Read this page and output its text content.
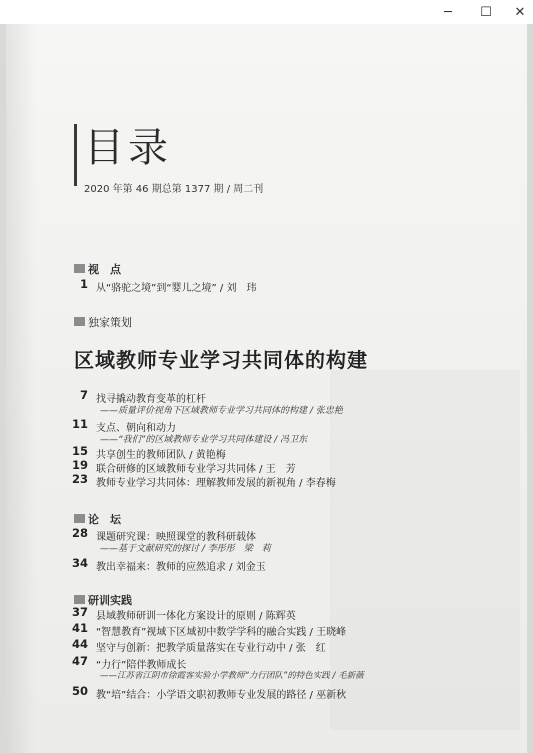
─	☐ ✕
目录
2020 年第 46 期总第 1377 期 / 周二刊
视　点
1 从“骆驼之境”到“婴儿之境” / 刘　玮
独家策划
区域教师专业学习共同体的构建
7 找寻撬动教育变革的杠杆
——质量评价视角下区域教师专业学习共同体的构建 / 张忠艳
11 支点、朝向和动力
——“我们”的区域教师专业学习共同体建设 / 冯卫东
15 共享创生的教师团队 / 黄艳梅
19 联合研修的区域教师专业学习共同体 / 王　芳
23 教师专业学习共同体：理解教师发展的新视角 / 李春梅
论　坛
28 课题研究课：映照课堂的教科研载体
——基于文献研究的探讨 / 李彤彤　梁　莉
34 教出幸福来：教师的应然追求 / 刘金玉
研训实践
37 县域教师研训一体化方案设计的原则 / 陈辉英
41 “智慧教育”视域下区域初中数学学科的融合实践 / 王晓峰
44 坚守与创新：把教学质量落实在专业行动中 / 张　红
47 “力行”陪伴教师成长
——江苏省江阴市徐霞客实验小学教师“力行团队”的特色实践 / 毛新薇
50 教“培”结合：小学语文职初教师专业发展的路径 / 巫新秋
